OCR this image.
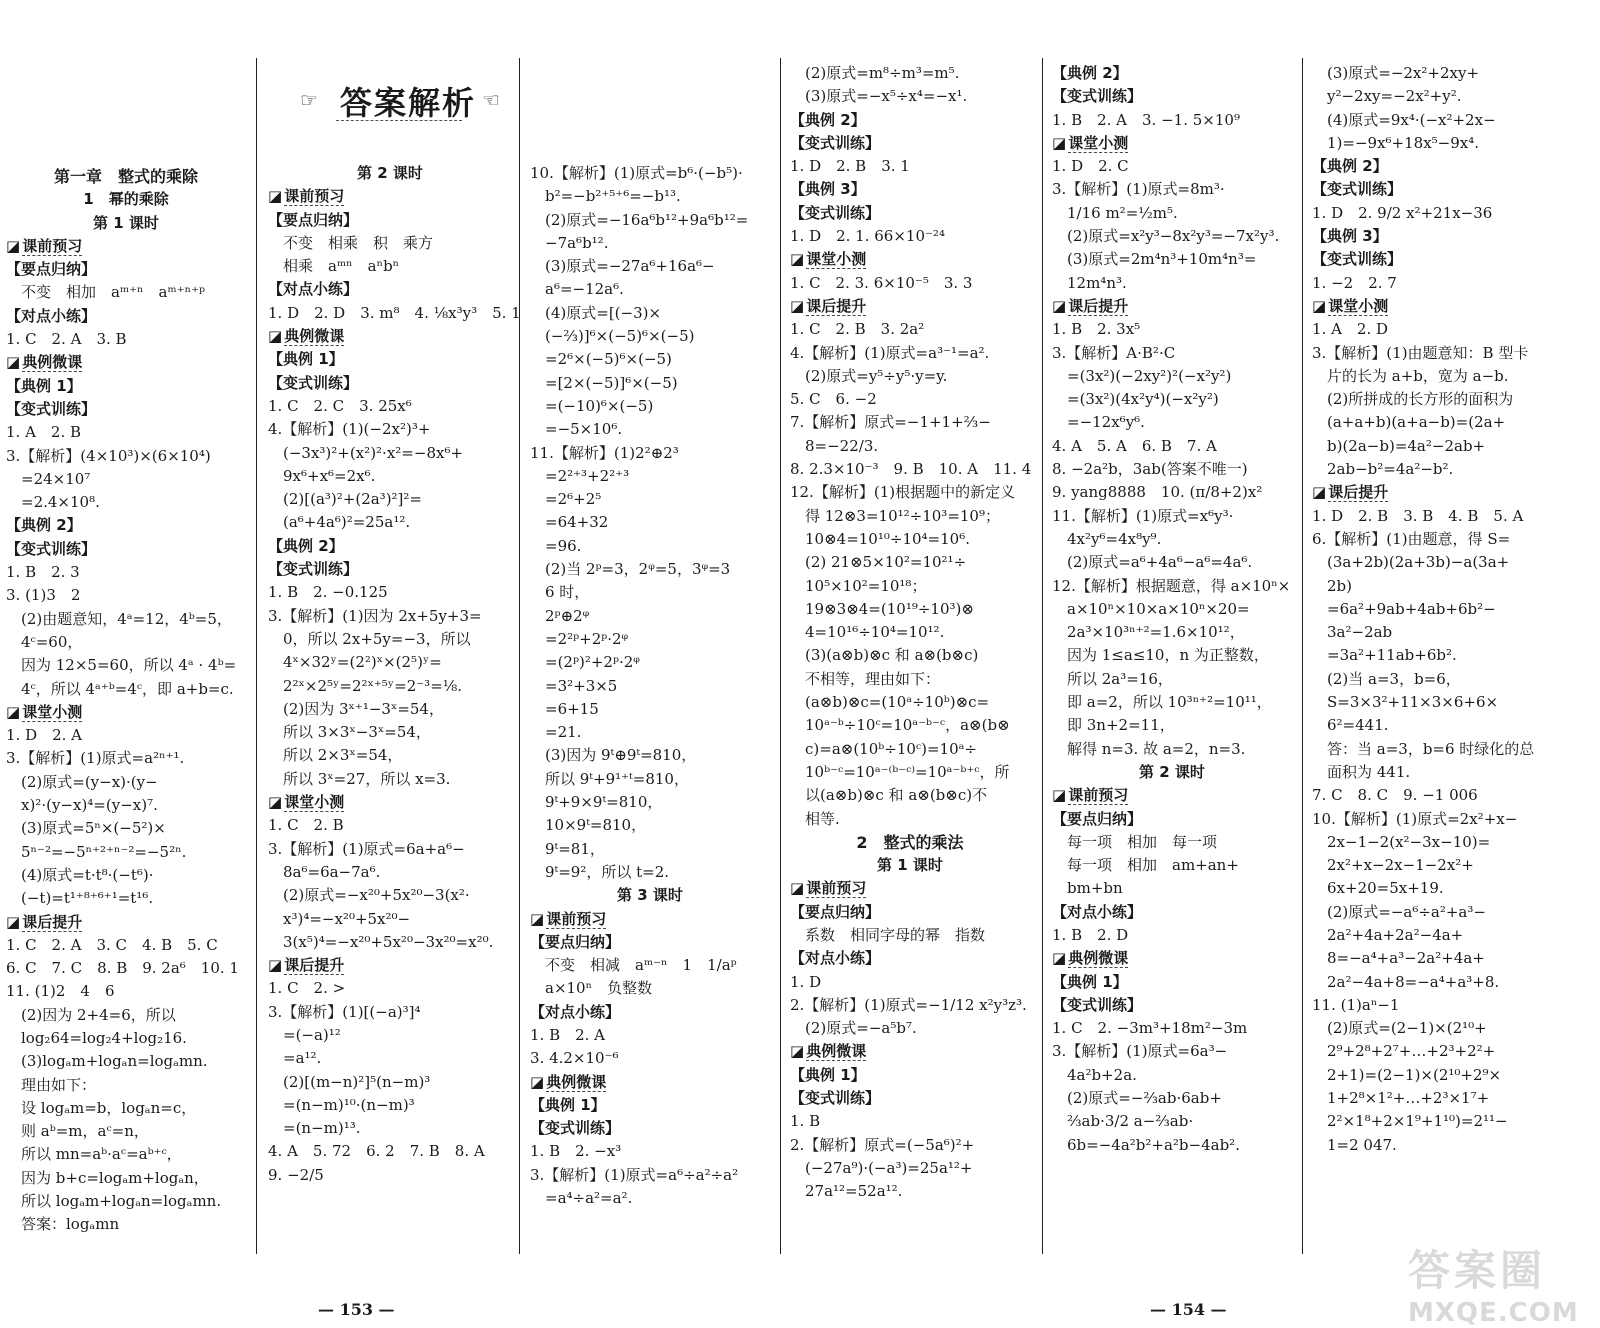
☞ 答案解析 ☜
第一章　整式的乘除
1　幂的乘除
第 1 课时
◪ 课前预习
【要点归纳】
　不变　相加　aᵐ⁺ⁿ　aᵐ⁺ⁿ⁺ᵖ
【对点小练】
1. C　2. A　3. B
◪ 典例微课
【典例 1】
【变式训练】
1. A　2. B
3.【解析】(4×10³)×(6×10⁴)
　=24×10⁷
　=2.4×10⁸.
【典例 2】
【变式训练】
1. B　2. 3
3. (1)3　2
　(2)由题意知，4ᵃ=12，4ᵇ=5，
　4ᶜ=60，
　因为 12×5=60，所以 4ᵃ · 4ᵇ=
　4ᶜ，所以 4ᵃ⁺ᵇ=4ᶜ，即 a+b=c.
◪ 课堂小测
1. D　2. A
3.【解析】(1)原式=a²ⁿ⁺¹.
　(2)原式=(y−x)·(y−
　x)²·(y−x)⁴=(y−x)⁷.
　(3)原式=5ⁿ×(−5²)×
　5ⁿ⁻²=−5ⁿ⁺²⁺ⁿ⁻²=−5²ⁿ.
　(4)原式=t·t⁸·(−t⁶)·
　(−t)=t¹⁺⁸⁺⁶⁺¹=t¹⁶.
◪ 课后提升
1. C　2. A　3. C　4. B　5. C
6. C　7. C　8. B　9. 2a⁶　10. 1
11. (1)2　4　6
　(2)因为 2+4=6，所以
　log₂64=log₂4+log₂16.
　(3)logₐm+logₐn=logₐmn.
　理由如下：
　设 logₐm=b，logₐn=c，
　则 aᵇ=m，aᶜ=n，
　所以 mn=aᵇ·aᶜ=aᵇ⁺ᶜ，
　因为 b+c=logₐm+logₐn，
　所以 logₐm+logₐn=logₐmn.
　答案：logₐmn
第 2 课时
◪ 课前预习
【要点归纳】
　不变　相乘　积　乘方
　相乘　aᵐⁿ　aⁿbⁿ
【对点小练】
1. D　2. D　3. m⁸　4. ⅛x³y³　5. 1
◪ 典例微课
【典例 1】
【变式训练】
1. C　2. C　3. 25x⁶
4.【解析】(1)(−2x²)³+
　(−3x³)²+(x²)²·x²=−8x⁶+
　9x⁶+x⁶=2x⁶.
　(2)[(a³)²+(2a³)²]²=
　(a⁶+4a⁶)²=25a¹².
【典例 2】
【变式训练】
1. B　2. −0.125
3.【解析】(1)因为 2x+5y+3=
　0，所以 2x+5y=−3，所以
　4ˣ×32ʸ=(2²)ˣ×(2⁵)ʸ=
　2²ˣ×2⁵ʸ=2²ˣ⁺⁵ʸ=2⁻³=⅛.
　(2)因为 3ˣ⁺¹−3ˣ=54，
　所以 3×3ˣ−3ˣ=54，
　所以 2×3ˣ=54，
　所以 3ˣ=27，所以 x=3.
◪ 课堂小测
1. C　2. B
3.【解析】(1)原式=6a+a⁶−
　8a⁶=6a−7a⁶.
　(2)原式=−x²⁰+5x²⁰−3(x²·
　x³)⁴=−x²⁰+5x²⁰−
　3(x⁵)⁴=−x²⁰+5x²⁰−3x²⁰=x²⁰.
◪ 课后提升
1. C　2. >
3.【解析】(1)[(−a)³]⁴
　=(−a)¹²
　=a¹².
　(2)[(m−n)²]⁵(n−m)³
　=(n−m)¹⁰·(n−m)³
　=(n−m)¹³.
4. A　5. 72　6. 2　7. B　8. A
9. −2/5
10.【解析】(1)原式=b⁶·(−b⁵)·
　b²=−b²⁺⁵⁺⁶=−b¹³.
　(2)原式=−16a⁶b¹²+9a⁶b¹²=
　−7a⁶b¹².
　(3)原式=−27a⁶+16a⁶−
　a⁶=−12a⁶.
　(4)原式=[(−3)×
　(−⅔)]⁶×(−5)⁶×(−5)
　=2⁶×(−5)⁶×(−5)
　=[2×(−5)]⁶×(−5)
　=(−10)⁶×(−5)
　=−5×10⁶.
11.【解析】(1)2²⊕2³
　=2²⁺³+2²⁺³
　=2⁶+2⁵
　=64+32
　=96.
　(2)当 2ᵖ=3，2ᵠ=5，3ᵠ=3
　6 时，
　2ᵖ⊕2ᵠ
　=2²ᵖ+2ᵖ·2ᵠ
　=(2ᵖ)²+2ᵖ·2ᵠ
　=3²+3×5
　=6+15
　=21.
　(3)因为 9ᵗ⊕9ᵗ=810，
　所以 9ᵗ+9¹⁺ᵗ=810，
　9ᵗ+9×9ᵗ=810，
　10×9ᵗ=810，
　9ᵗ=81，
　9ᵗ=9²，所以 t=2.
第 3 课时
◪ 课前预习
【要点归纳】
　不变　相减　aᵐ⁻ⁿ　1　1/aᵖ
　a×10ⁿ　负整数
【对点小练】
1. B　2. A
3. 4.2×10⁻⁶
◪ 典例微课
【典例 1】
【变式训练】
1. B　2. −x³
3.【解析】(1)原式=a⁶÷a²÷a²
　=a⁴÷a²=a².
　(2)原式=m⁸÷m³=m⁵.
　(3)原式=−x⁵÷x⁴=−x¹.
【典例 2】
【变式训练】
1. D　2. B　3. 1
【典例 3】
【变式训练】
1. D　2. 1. 66×10⁻²⁴
◪ 课堂小测
1. C　2. 3. 6×10⁻⁵　3. 3
◪ 课后提升
1. C　2. B　3. 2a²
4.【解析】(1)原式=a³⁻¹=a².
　(2)原式=y⁵÷y⁵·y=y.
5. C　6. −2
7.【解析】原式=−1+1+⅔−
　8=−22/3.
8. 2.3×10⁻³　9. B　10. A　11. 4
12.【解析】(1)根据题中的新定义
　得 12⊗3=10¹²÷10³=10⁹；
　10⊗4=10¹⁰÷10⁴=10⁶.
　(2) 21⊗5×10²=10²¹÷
　10⁵×10²=10¹⁸；
　19⊗3⊗4=(10¹⁹÷10³)⊗
　4=10¹⁶÷10⁴=10¹².
　(3)(a⊗b)⊗c 和 a⊗(b⊗c)
　不相等，理由如下：
　(a⊗b)⊗c=(10ᵃ÷10ᵇ)⊗c=
　10ᵃ⁻ᵇ÷10ᶜ=10ᵃ⁻ᵇ⁻ᶜ，a⊗(b⊗
　c)=a⊗(10ᵇ÷10ᶜ)=10ᵃ÷
　10ᵇ⁻ᶜ=10ᵃ⁻⁽ᵇ⁻ᶜ⁾=10ᵃ⁻ᵇ⁺ᶜ，所
　以(a⊗b)⊗c 和 a⊗(b⊗c)不
　相等.
2　整式的乘法
第 1 课时
◪ 课前预习
【要点归纳】
　系数　相同字母的幂　指数
【对点小练】
1. D
2.【解析】(1)原式=−1/12 x²y³z³.
　(2)原式=−a⁵b⁷.
◪ 典例微课
【典例 1】
【变式训练】
1. B
2.【解析】原式=(−5a⁶)²+
　(−27a⁹)·(−a³)=25a¹²+
　27a¹²=52a¹².
【典例 2】
【变式训练】
1. B　2. A　3. −1. 5×10⁹
◪ 课堂小测
1. D　2. C
3.【解析】(1)原式=8m³·
　1/16 m²=½m⁵.
　(2)原式=x²y³−8x²y³=−7x²y³.
　(3)原式=2m⁴n³+10m⁴n³=
　12m⁴n³.
◪ 课后提升
1. B　2. 3x⁵
3.【解析】A·B²·C
　=(3x²)(−2xy²)²(−x²y²)
　=(3x²)(4x²y⁴)(−x²y²)
　=−12x⁶y⁶.
4. A　5. A　6. B　7. A
8. −2a²b，3ab(答案不唯一)
9. yang8888　10. (π/8+2)x²
11.【解析】(1)原式=x⁶y³·
　4x²y⁶=4x⁸y⁹.
　(2)原式=a⁶+4a⁶−a⁶=4a⁶.
12.【解析】根据题意，得 a×10ⁿ×
　a×10ⁿ×10×a×10ⁿ×20=
　2a³×10³ⁿ⁺²=1.6×10¹²，
　因为 1≤a≤10，n 为正整数，
　所以 2a³=16，
　即 a=2，所以 10³ⁿ⁺²=10¹¹，
　即 3n+2=11，
　解得 n=3. 故 a=2，n=3.
第 2 课时
◪ 课前预习
【要点归纳】
　每一项　相加　每一项
　每一项　相加　am+an+
　bm+bn
【对点小练】
1. B　2. D
◪ 典例微课
【典例 1】
【变式训练】
1. C　2. −3m³+18m²−3m
3.【解析】(1)原式=6a³−
　4a²b+2a.
　(2)原式=−⅔ab·6ab+
　⅔ab·3/2 a−⅔ab·
　6b=−4a²b²+a²b−4ab².
　(3)原式=−2x²+2xy+
　y²−2xy=−2x²+y².
　(4)原式=9x⁴·(−x²+2x−
　1)=−9x⁶+18x⁵−9x⁴.
【典例 2】
【变式训练】
1. D　2. 9/2 x²+21x−36
【典例 3】
【变式训练】
1. −2　2. 7
◪ 课堂小测
1. A　2. D
3.【解析】(1)由题意知：B 型卡
　片的长为 a+b，宽为 a−b.
　(2)所拼成的长方形的面积为
　(a+a+b)(a+a−b)=(2a+
　b)(2a−b)=4a²−2ab+
　2ab−b²=4a²−b².
◪ 课后提升
1. D　2. B　3. B　4. B　5. A
6.【解析】(1)由题意，得 S=
　(3a+2b)(2a+3b)−a(3a+
　2b)
　=6a²+9ab+4ab+6b²−
　3a²−2ab
　=3a²+11ab+6b².
　(2)当 a=3，b=6，
　S=3×3²+11×3×6+6×
　6²=441.
　答：当 a=3，b=6 时绿化的总
　面积为 441.
7. C　8. C　9. −1 006
10.【解析】(1)原式=2x²+x−
　2x−1−2(x²−3x−10)=
　2x²+x−2x−1−2x²+
　6x+20=5x+19.
　(2)原式=−a⁶÷a²+a³−
　2a²+4a+2a²−4a+
　8=−a⁴+a³−2a²+4a+
　2a²−4a+8=−a⁴+a³+8.
11. (1)aⁿ−1
　(2)原式=(2−1)×(2¹⁰+
　2⁹+2⁸+2⁷+…+2³+2²+
　2+1)=(2−1)×(2¹⁰+2⁹×
　1+2⁸×1²+…+2³×1⁷+
　2²×1⁸+2×1⁹+1¹⁰)=2¹¹−
　1=2 047.
— 153 —	— 154 —
答案圈
MXQE.COM
